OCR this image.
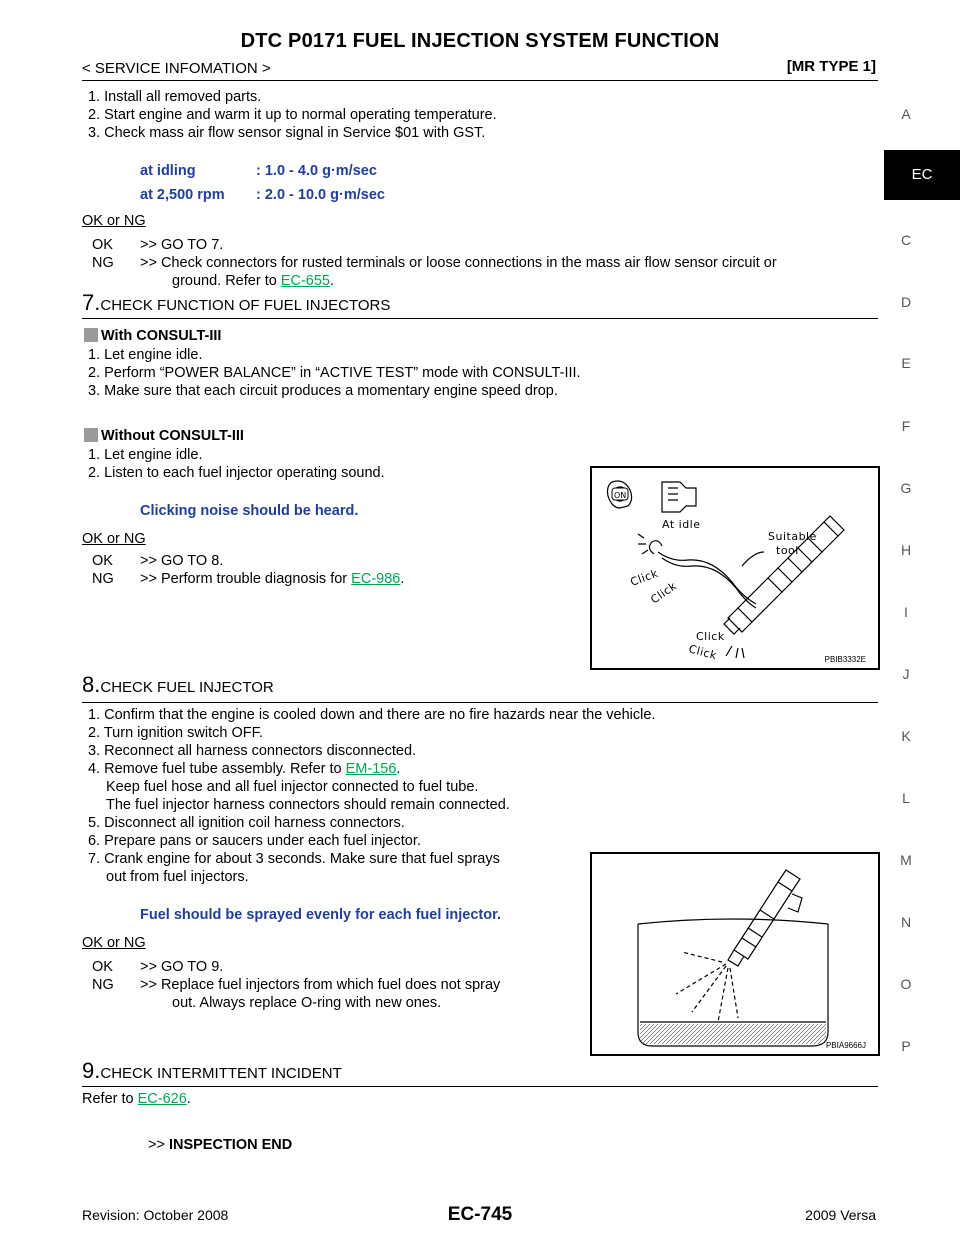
DTC P0171 FUEL INJECTION SYSTEM FUNCTION
< SERVICE INFOMATION >	[MR TYPE 1]
EC
A
C
D
E
F
G
H
I
J
K
L
M
N
O
P
1. Install all removed parts.
2. Start engine and warm it up to normal operating temperature.
3. Check mass air flow sensor signal in Service $01 with GST.
at idling	: 1.0 - 4.0 g·m/sec
at 2,500 rpm : 2.0 - 10.0 g·m/sec
OK or NG
OK >> GO TO 7.
NG >> Check connectors for rusted terminals or loose connections in the mass air flow sensor circuit or
ground. Refer to EC-655.
7.CHECK FUNCTION OF FUEL INJECTORS
With CONSULT-III
1. Let engine idle.
2. Perform “POWER BALANCE” in “ACTIVE TEST” mode with CONSULT-III.
3. Make sure that each circuit produces a momentary engine speed drop.
Without CONSULT-III
1. Let engine idle.
2. Listen to each fuel injector operating sound.
Clicking noise should be heard.
OK or NG
OK >> GO TO 8.
NG >> Perform trouble diagnosis for EC-986.
ON
At idle
Suitable
tool
Click
Click
Click
Click	PBIB3332E
8.CHECK FUEL INJECTOR
1. Confirm that the engine is cooled down and there are no fire hazards near the vehicle.
2. Turn ignition switch OFF.
3. Reconnect all harness connectors disconnected.
4. Remove fuel tube assembly. Refer to EM-156.
Keep fuel hose and all fuel injector connected to fuel tube.
The fuel injector harness connectors should remain connected.
5. Disconnect all ignition coil harness connectors.
6. Prepare pans or saucers under each fuel injector.
7. Crank engine for about 3 seconds. Make sure that fuel sprays
out from fuel injectors.
Fuel should be sprayed evenly for each fuel injector.
OK or NG
OK >> GO TO 9.
NG >> Replace fuel injectors from which fuel does not spray
out. Always replace O-ring with new ones.
PBIA9666J
9.CHECK INTERMITTENT INCIDENT
Refer to EC-626.
>> INSPECTION END
Revision: October 2008	EC-745	2009 Versa
